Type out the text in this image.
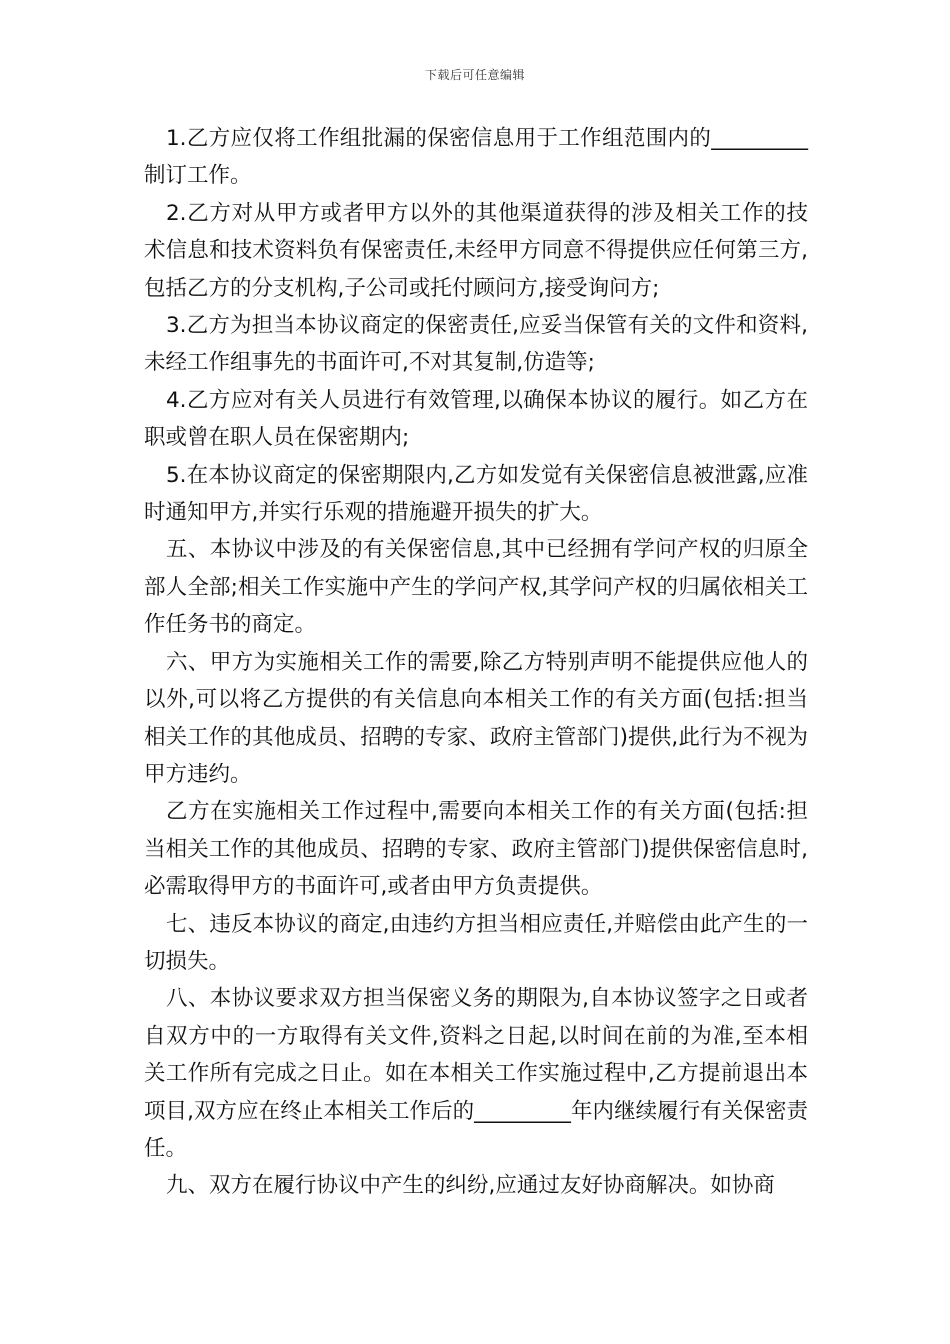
下载后可任意编辑

1.乙方应仅将工作组批漏的保密信息用于工作组范围内的_________制订工作。

2.乙方对从甲方或者甲方以外的其他渠道获得的涉及相关工作的技术信息和技术资料负有保密责任,未经甲方同意不得提供应任何第三方,包括乙方的分支机构,子公司或托付顾问方,接受询问方;

3.乙方为担当本协议商定的保密责任,应妥当保管有关的文件和资料,未经工作组事先的书面许可,不对其复制,仿造等;

4.乙方应对有关人员进行有效管理,以确保本协议的履行。如乙方在职或曾在职人员在保密期内;

5.在本协议商定的保密期限内,乙方如发觉有关保密信息被泄露,应准时通知甲方,并实行乐观的措施避开损失的扩大。

五、本协议中涉及的有关保密信息,其中已经拥有学问产权的归原全部人全部;相关工作实施中产生的学问产权,其学问产权的归属依相关工作任务书的商定。

六、甲方为实施相关工作的需要,除乙方特别声明不能提供应他人的以外,可以将乙方提供的有关信息向本相关工作的有关方面(包括:担当相关工作的其他成员、招聘的专家、政府主管部门)提供,此行为不视为甲方违约。

乙方在实施相关工作过程中,需要向本相关工作的有关方面(包括:担当相关工作的其他成员、招聘的专家、政府主管部门)提供保密信息时,必需取得甲方的书面许可,或者由甲方负责提供。

七、违反本协议的商定,由违约方担当相应责任,并赔偿由此产生的一切损失。

八、本协议要求双方担当保密义务的期限为,自本协议签字之日或者自双方中的一方取得有关文件,资料之日起,以时间在前的为准,至本相关工作所有完成之日止。如在本相关工作实施过程中,乙方提前退出本项目,双方应在终止本相关工作后的_________年内继续履行有关保密责任。

九、双方在履行协议中产生的纠纷,应通过友好协商解决。如协商
